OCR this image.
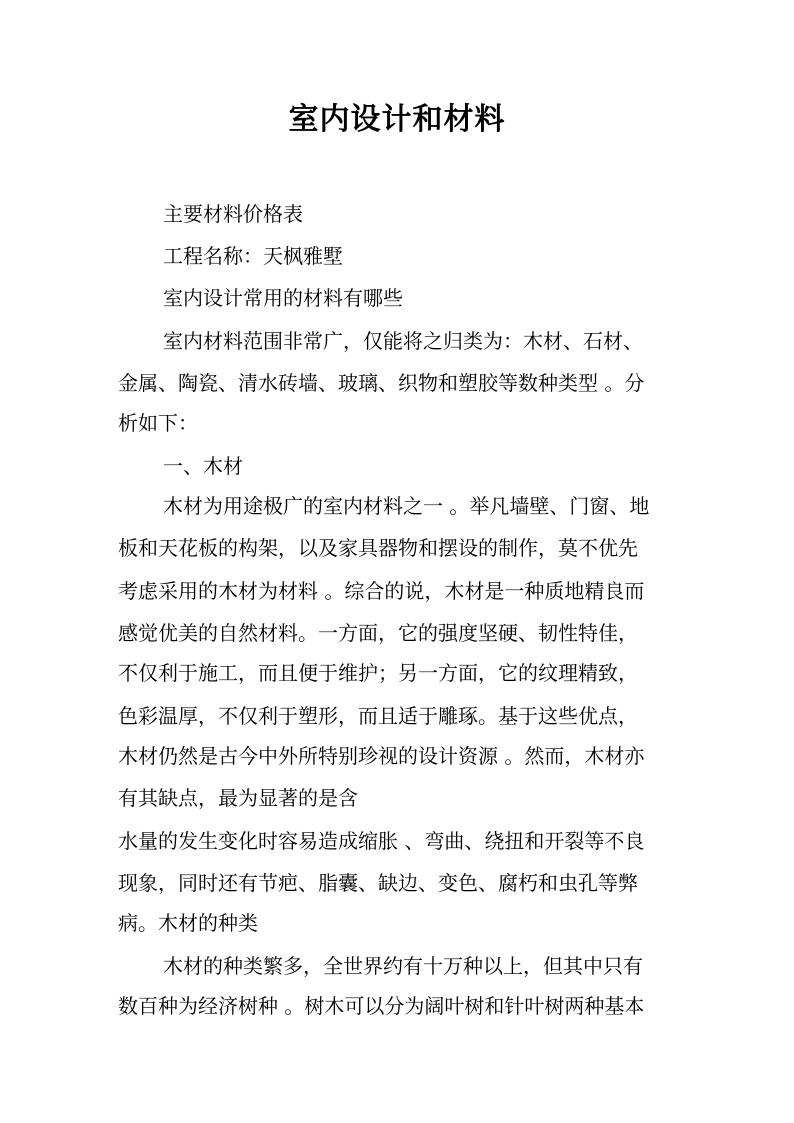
室内设计和材料
主要材料价格表
工程名称：天枫雅墅
室内设计常用的材料有哪些
室内材料范围非常广，仅能将之归类为：木材、石材、
金属、陶瓷、清水砖墙、玻璃、织物和塑胶等数种类型 。分
析如下：
一、木材
木材为用途极广的室内材料之一 。举凡墙壁、门窗、地
板和天花板的构架，以及家具器物和摆设的制作，莫不优先
考虑采用的木材为材料 。综合的说，木材是一种质地精良而
感觉优美的自然材料。一方面，它的强度坚硬、韧性特佳，
不仅利于施工，而且便于维护；另一方面，它的纹理精致，
色彩温厚，不仅利于塑形，而且适于雕琢。基于这些优点，
木材仍然是古今中外所特别珍视的设计资源 。然而，木材亦
有其缺点，最为显著的是含
水量的发生变化时容易造成缩胀 、弯曲、绕扭和开裂等不良
现象，同时还有节疤、脂囊、缺边、变色、腐朽和虫孔等弊
病。木材的种类
木材的种类繁多，全世界约有十万种以上，但其中只有
数百种为经济树种 。树木可以分为阔叶树和针叶树两种基本
